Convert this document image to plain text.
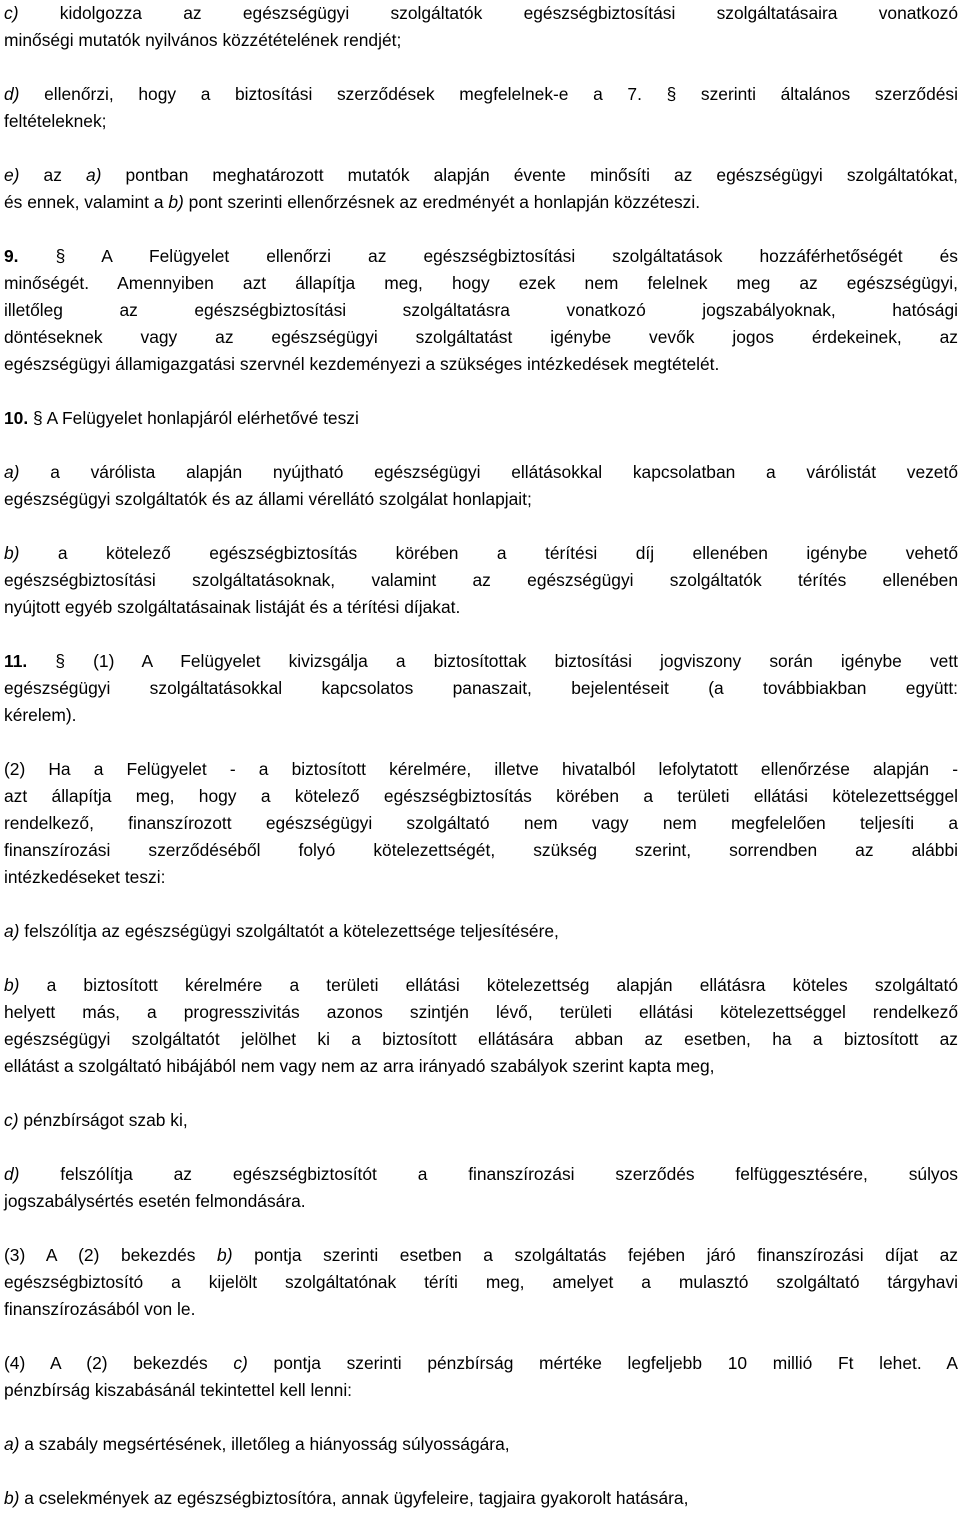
c) kidolgozza az egészségügyi szolgáltatók egészségbiztosítási szolgáltatásaira vonatkozó
minőségi mutatók nyilvános közzétételének rendjét;
d) ellenőrzi, hogy a biztosítási szerződések megfelelnek-e a 7. § szerinti általános szerződési
feltételeknek;
e) az a) pontban meghatározott mutatók alapján évente minősíti az egészségügyi szolgáltatókat,
és ennek, valamint a b) pont szerinti ellenőrzésnek az eredményét a honlapján közzéteszi.
9. § A Felügyelet ellenőrzi az egészségbiztosítási szolgáltatások hozzáférhetőségét és
minőségét. Amennyiben azt állapítja meg, hogy ezek nem felelnek meg az egészségügyi,
illetőleg az egészségbiztosítási szolgáltatásra vonatkozó jogszabályoknak, hatósági
döntéseknek vagy az egészségügyi szolgáltatást igénybe vevők jogos érdekeinek, az
egészségügyi államigazgatási szervnél kezdeményezi a szükséges intézkedések megtételét.
10. § A Felügyelet honlapjáról elérhetővé teszi
a) a várólista alapján nyújtható egészségügyi ellátásokkal kapcsolatban a várólistát vezető
egészségügyi szolgáltatók és az állami vérellátó szolgálat honlapjait;
b) a kötelező egészségbiztosítás körében a térítési díj ellenében igénybe vehető
egészségbiztosítási szolgáltatásoknak, valamint az egészségügyi szolgáltatók térítés ellenében
nyújtott egyéb szolgáltatásainak listáját és a térítési díjakat.
11. § (1) A Felügyelet kivizsgálja a biztosítottak biztosítási jogviszony során igénybe vett
egészségügyi szolgáltatásokkal kapcsolatos panaszait, bejelentéseit (a továbbiakban együtt:
kérelem).
(2) Ha a Felügyelet - a biztosított kérelmére, illetve hivatalból lefolytatott ellenőrzése alapján -
azt állapítja meg, hogy a kötelező egészségbiztosítás körében a területi ellátási kötelezettséggel
rendelkező, finanszírozott egészségügyi szolgáltató nem vagy nem megfelelően teljesíti a
finanszírozási szerződéséből folyó kötelezettségét, szükség szerint, sorrendben az alábbi
intézkedéseket teszi:
a) felszólítja az egészségügyi szolgáltatót a kötelezettsége teljesítésére,
b) a biztosított kérelmére a területi ellátási kötelezettség alapján ellátásra köteles szolgáltató
helyett más, a progresszivitás azonos szintjén lévő, területi ellátási kötelezettséggel rendelkező
egészségügyi szolgáltatót jelölhet ki a biztosított ellátására abban az esetben, ha a biztosított az
ellátást a szolgáltató hibájából nem vagy nem az arra irányadó szabályok szerint kapta meg,
c) pénzbírságot szab ki,
d) felszólítja az egészségbiztosítót a finanszírozási szerződés felfüggesztésére, súlyos
jogszabálysértés esetén felmondására.
(3) A (2) bekezdés b) pontja szerinti esetben a szolgáltatás fejében járó finanszírozási díjat az
egészségbiztosító a kijelölt szolgáltatónak téríti meg, amelyet a mulasztó szolgáltató tárgyhavi
finanszírozásából von le.
(4) A (2) bekezdés c) pontja szerinti pénzbírság mértéke legfeljebb 10 millió Ft lehet. A
pénzbírság kiszabásánál tekintettel kell lenni:
a) a szabály megsértésének, illetőleg a hiányosság súlyosságára,
b) a cselekmények az egészségbiztosítóra, annak ügyfeleire, tagjaira gyakorolt hatására,
